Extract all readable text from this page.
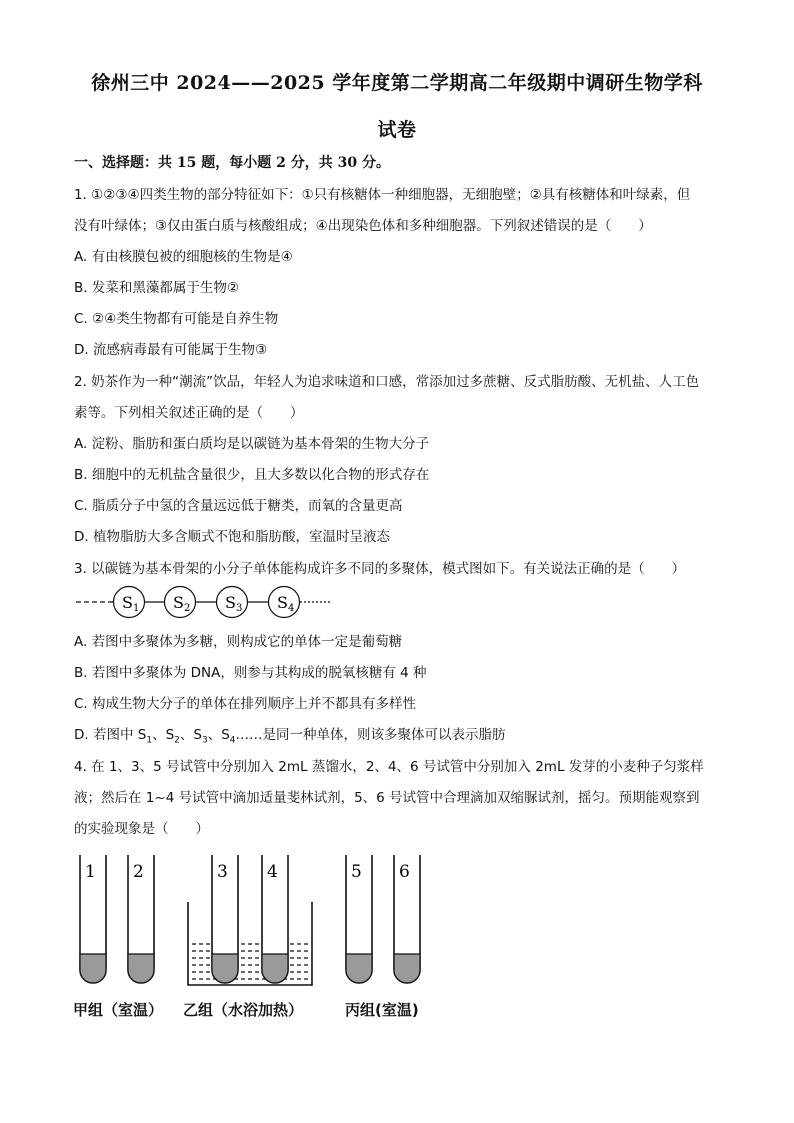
徐州三中 2024——2025 学年度第二学期高二年级期中调研生物学科
试卷
一、选择题：共 15 题，每小题 2 分，共 30 分。
1. ①②③④四类生物的部分特征如下：①只有核糖体一种细胞器，无细胞壁；②具有核糖体和叶绿素，但
没有叶绿体；③仅由蛋白质与核酸组成；④出现染色体和多种细胞器。下列叙述错误的是（　　）
A. 有由核膜包被的细胞核的生物是④
B. 发菜和黑藻都属于生物②
C. ②④类生物都有可能是自养生物
D. 流感病毒最有可能属于生物③
2. 奶茶作为一种“潮流”饮品，年轻人为追求味道和口感，常添加过多蔗糖、反式脂肪酸、无机盐、人工色
素等。下列相关叙述正确的是（　　）
A. 淀粉、脂肪和蛋白质均是以碳链为基本骨架的生物大分子
B. 细胞中的无机盐含量很少，且大多数以化合物的形式存在
C. 脂质分子中氢的含量远远低于糖类，而氧的含量更高
D. 植物脂肪大多含顺式不饱和脂肪酸，室温时呈液态
3. 以碳链为基本骨架的小分子单体能构成许多不同的多聚体，模式图如下。有关说法正确的是（　　）
S1 S2 S3 S4
A. 若图中多聚体为多糖，则构成它的单体一定是葡萄糖
B. 若图中多聚体为 DNA，则参与其构成的脱氧核糖有 4 种
C. 构成生物大分子的单体在排列顺序上并不都具有多样性
D. 若图中 $S_1$、$S_2$、$S_3$、$S_4\dots\dots$是同一种单体，则该多聚体可以表示脂肪
4. 在 1、3、5 号试管中分别加入 2mL 蒸馏水，2、4、6 号试管中分别加入 2mL 发芽的小麦种子匀浆样
液；然后在 1~4 号试管中滴加适量斐林试剂，5、6 号试管中合理滴加双缩脲试剂，摇匀。预期能观察到
的实验现象是（　　）
1 2	3 4	5 6
甲组（室温） 乙组（水浴加热）	丙组(室温)
